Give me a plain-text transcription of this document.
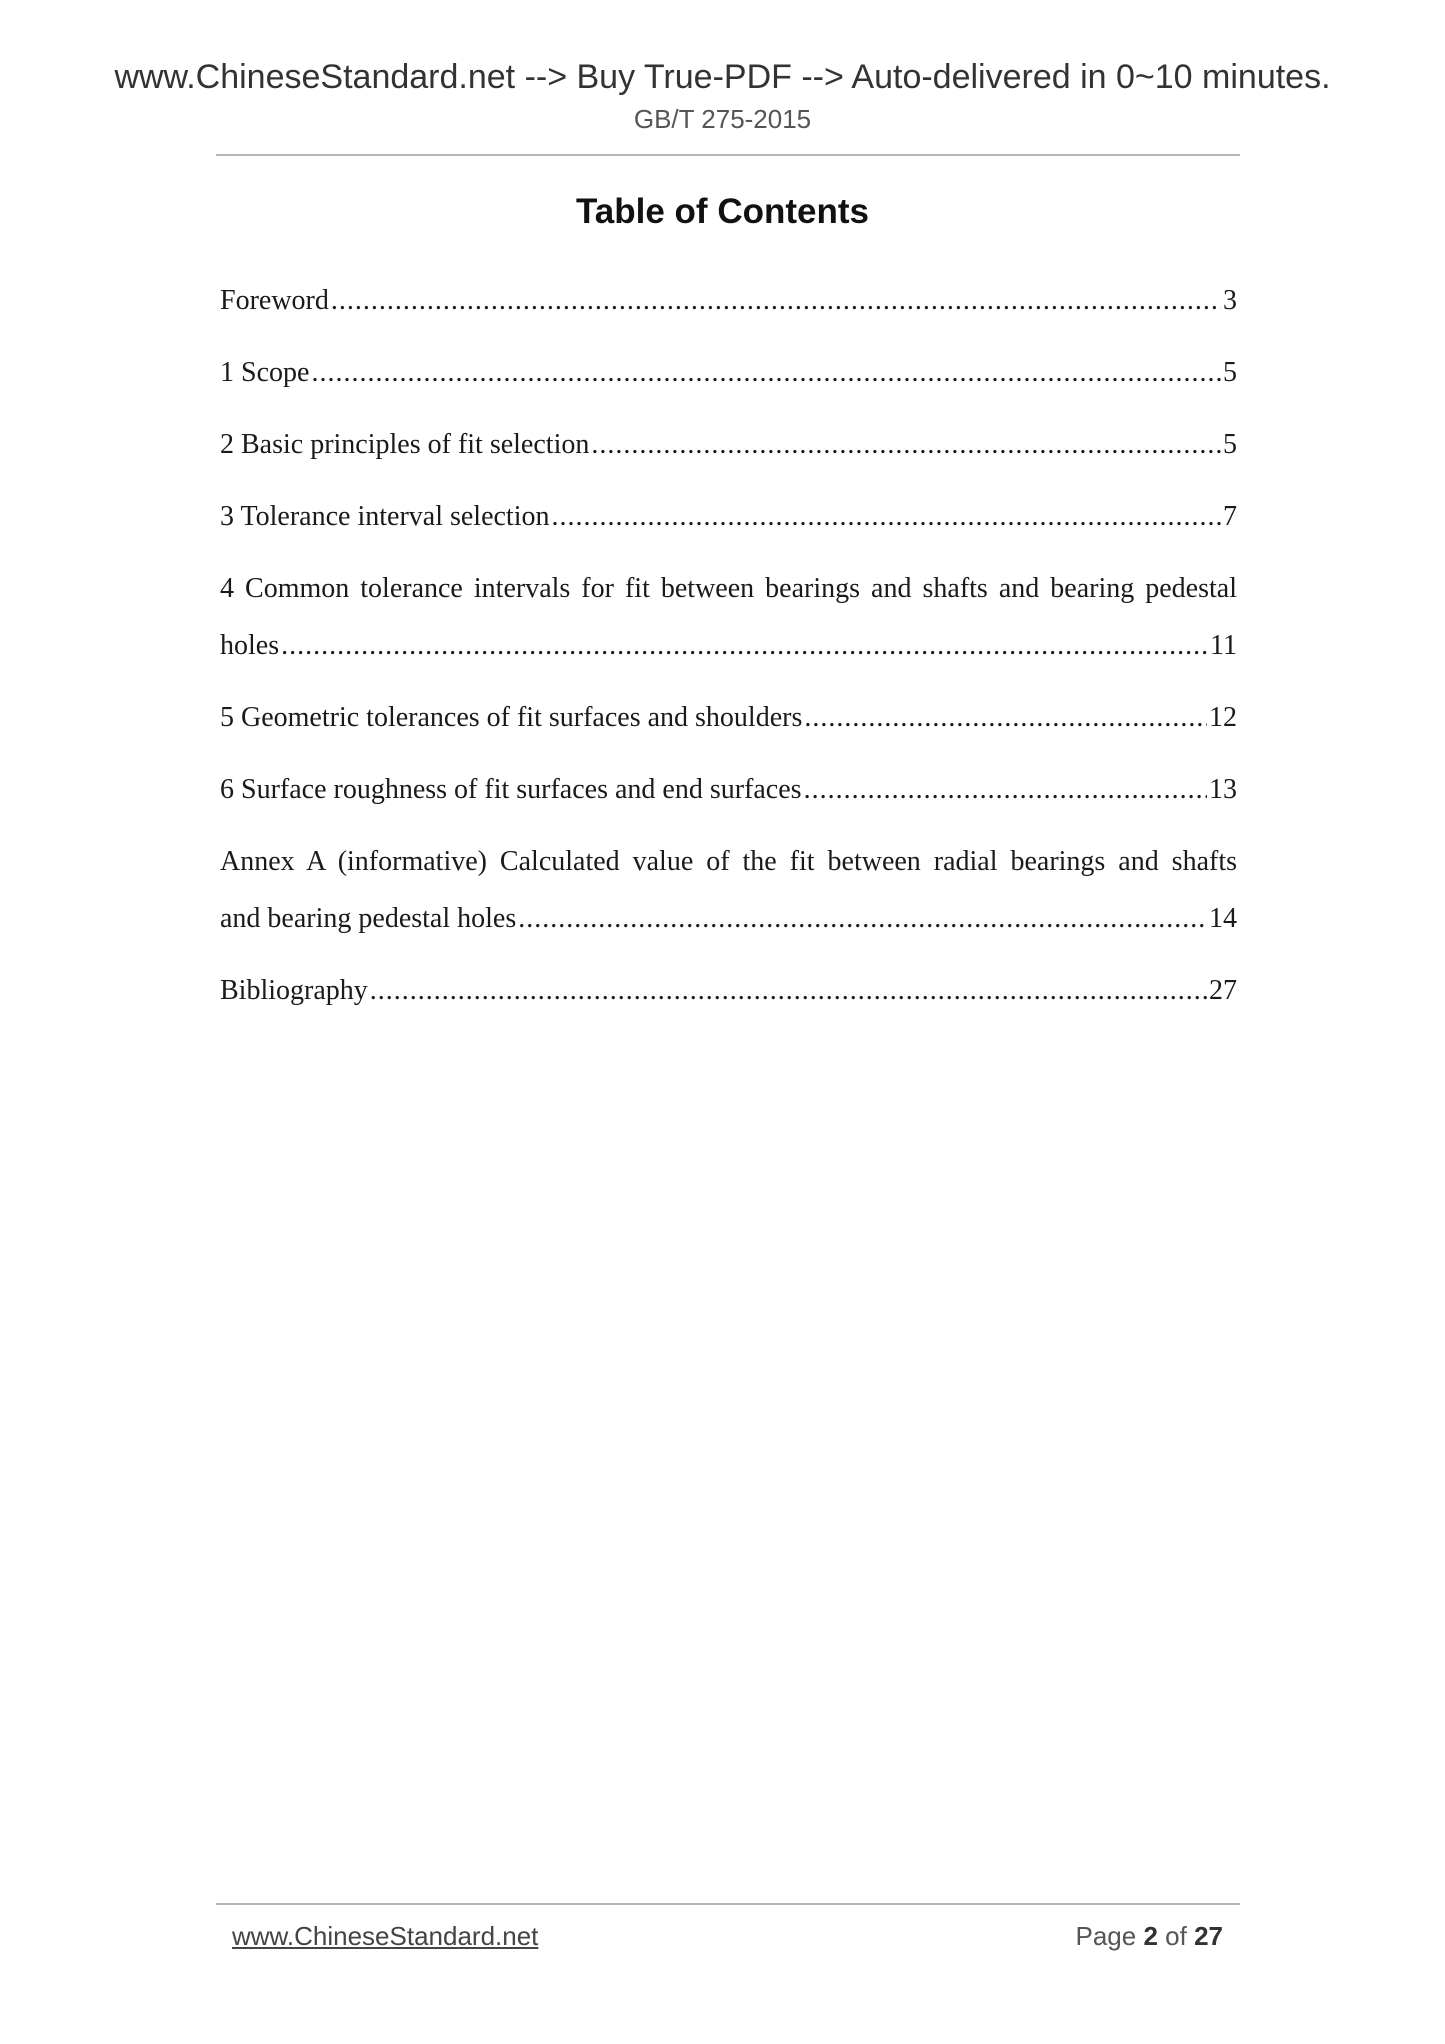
www.ChineseStandard.net --> Buy True-PDF --> Auto-delivered in 0~10 minutes.
GB/T 275-2015
Table of Contents
Foreword .....	3
1 Scope .....	5
2 Basic principles of fit selection .....	5
3 Tolerance interval selection .....	7
4 Common tolerance intervals for fit between bearings and shafts and bearing pedestal
holes .....	11
5 Geometric tolerances of fit surfaces and shoulders .....	12
6 Surface roughness of fit surfaces and end surfaces .....	13
Annex A (informative) Calculated value of the fit between radial bearings and shafts
and bearing pedestal holes .....	14
Bibliography .....	27
www.ChineseStandard.net	Page 2 of 27
